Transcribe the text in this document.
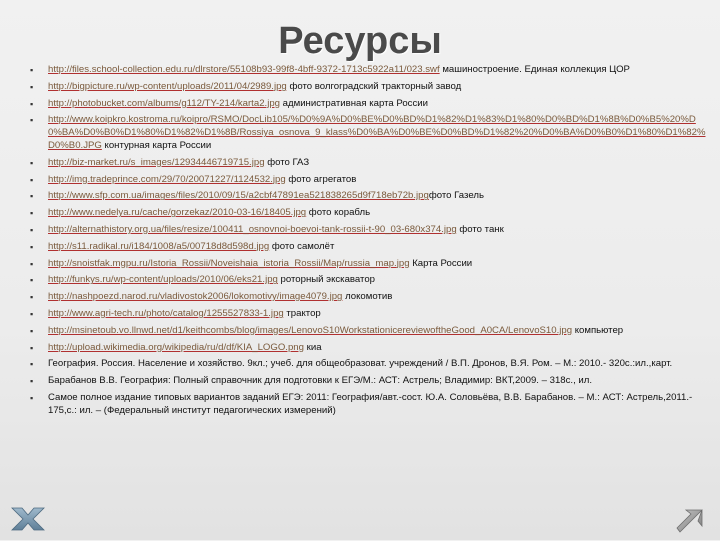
Ресурсы
▪ http://files.school-collection.edu.ru/dlrstore/55108b93-99f8-4bff-9372-1713c5922a11/023.swf машиностроение. Единая коллекция ЦОР
▪ http://bigpicture.ru/wp-content/uploads/2011/04/2989.jpg фото волгоградский тракторный завод
▪ http://photobucket.com/albums/g112/TY-214/karta2.jpg административная карта России
▪ http://www.koipkro.kostroma.ru/koipro/RSMO/DocLib105/%D0%9A%D0%BE%D0%BD%D1%82%D1%83%D1%80%D0%BD%D1%8B%D0%B5%20%D0%BA%D0%B0%D1%80%D1%82%D1%8B/Rossiya_osnova_9_klass%D0%BA%D0%BE%D0%BD%D1%82%20%D0%BA%D0%B0%D1%80%D1%82%D0%B0.JPG контурная карта России
▪ http://biz-market.ru/s_images/12934446719715.jpg фото ГАЗ
▪ http://img.tradeprince.com/29/70/20071227/1124532.jpg фото агрегатов
▪ http://www.sfp.com.ua/images/files/2010/09/15/a2cbf47891ea521838265d9f718eb72b.jpgфото Газель
▪ http://www.nedelya.ru/cache/gorzekaz/2010-03-16/18405.jpg фото корабль
▪ http://alternathistory.org.ua/files/resize/100411_osnovnoi-boevoi-tank-rossii-t-90_03-680x374.jpg фото танк
▪ http://s11.radikal.ru/i184/1008/a5/00718d8d598d.jpg фото самолёт
▪ http://snoistfak.mgpu.ru/Istoria_Rossii/Noveishaia_istoria_Rossii/Map/russia_map.jpg Карта России
▪ http://funkys.ru/wp-content/uploads/2010/06/eks21.jpg роторный экскаватор
▪ http://nashpoezd.narod.ru/vladivostok2006/lokomotivy/image4079.jpg локомотив
▪ http://www.agri-tech.ru/photo/catalog/1255527833-1.jpg трактор
▪ http://msinetoub.vo.llnwd.net/d1/keithcombs/blog/images/LenovoS10WorkstationicereviewoftheGood_A0CA/LenovoS10.jpg компьютер
▪ http://upload.wikimedia.org/wikipedia/ru/d/df/KIA_LOGO.png киа
▪ География. Россия. Население и хозяйство. 9кл.; учеб. для общеобразоват. учреждений / В.П. Дронов, В.Я. Ром. – М.: 2010.- 320с.:ил.,карт.
▪ Барабанов В.В. География: Полный справочник для подготовки к ЕГЭ/М.: АСТ: Астрель; Владимир: ВКТ,2009. – 318с., ил.
▪ Самое полное издание типовых вариантов заданий ЕГЭ: 2011: География/авт.-сост. Ю.А. Соловьёва, В.В. Барабанов. – М.: АСТ: Астрель,2011.- 175,с.: ил. – (Федеральный институт педагогических измерений)
